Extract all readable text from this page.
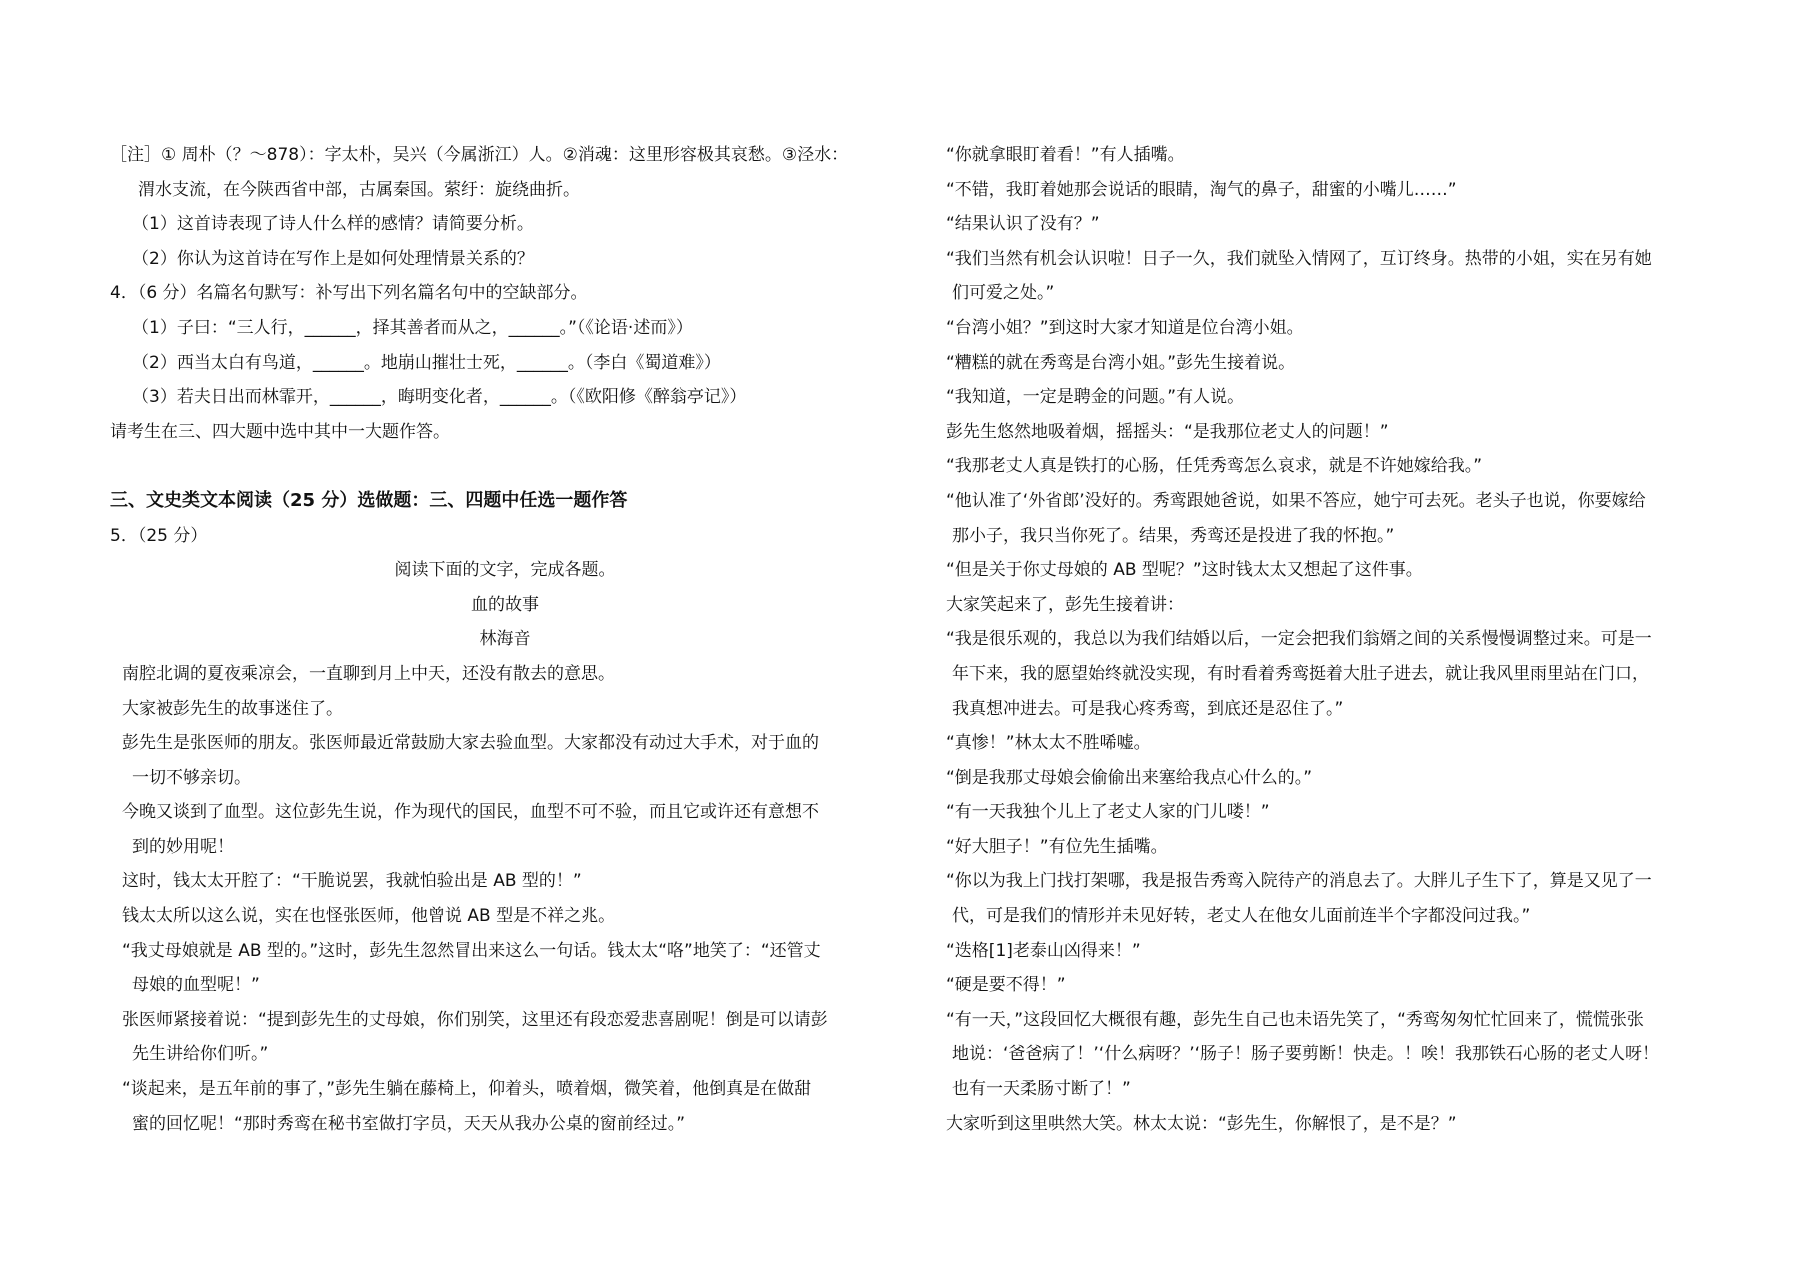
［注］① 周朴（？～878）：字太朴，吴兴（今属浙江）人。②消魂：这里形容极其哀愁。③泾水：
渭水支流，在今陕西省中部，古属秦国。萦纡：旋绕曲折。
（1）这首诗表现了诗人什么样的感情？请简要分析。
（2）你认为这首诗在写作上是如何处理情景关系的？
4．（6 分）名篇名句默写：补写出下列名篇名句中的空缺部分。
（1）子曰：“三人行，______，择其善者而从之，______。”（《论语·述而》）
（2）西当太白有鸟道，______。地崩山摧壮士死，______。（李白《蜀道难》）
（3）若夫日出而林霏开，______，晦明变化者，______。（《欧阳修《醉翁亭记》）
请考生在三、四大题中选中其中一大题作答。
三、文史类文本阅读（25 分）选做题：三、四题中任选一题作答
5．（25 分）
阅读下面的文字，完成各题。
血的故事
林海音
南腔北调的夏夜乘凉会，一直聊到月上中天，还没有散去的意思。
大家被彭先生的故事迷住了。
彭先生是张医师的朋友。张医师最近常鼓励大家去验血型。大家都没有动过大手术，对于血的
一切不够亲切。
今晚又谈到了血型。这位彭先生说，作为现代的国民，血型不可不验，而且它或许还有意想不
到的妙用呢！
这时，钱太太开腔了：“干脆说罢，我就怕验出是 AB 型的！”
钱太太所以这么说，实在也怪张医师，他曾说 AB 型是不祥之兆。
“我丈母娘就是 AB 型的。”这时，彭先生忽然冒出来这么一句话。钱太太“咯”地笑了：“还管丈
母娘的血型呢！”
张医师紧接着说：“提到彭先生的丈母娘，你们别笑，这里还有段恋爱悲喜剧呢！倒是可以请彭
先生讲给你们听。”
“谈起来，是五年前的事了，”彭先生躺在藤椅上，仰着头，喷着烟，微笑着，他倒真是在做甜
蜜的回忆呢！“那时秀鸾在秘书室做打字员，天天从我办公桌的窗前经过。”
“你就拿眼盯着看！”有人插嘴。
“不错，我盯着她那会说话的眼睛，淘气的鼻子，甜蜜的小嘴儿……”
“结果认识了没有？”
“我们当然有机会认识啦！日子一久，我们就坠入情网了，互订终身。热带的小姐，实在另有她
们可爱之处。”
“台湾小姐？”到这时大家才知道是位台湾小姐。
“糟糕的就在秀鸾是台湾小姐。”彭先生接着说。
“我知道，一定是聘金的问题。”有人说。
彭先生悠然地吸着烟，摇摇头：“是我那位老丈人的问题！”
“我那老丈人真是铁打的心肠，任凭秀鸾怎么哀求，就是不许她嫁给我。”
“他认准了‘外省郎’没好的。秀鸾跟她爸说，如果不答应，她宁可去死。老头子也说，你要嫁给
那小子，我只当你死了。结果，秀鸾还是投进了我的怀抱。”
“但是关于你丈母娘的 AB 型呢？”这时钱太太又想起了这件事。
大家笑起来了，彭先生接着讲：
“我是很乐观的，我总以为我们结婚以后，一定会把我们翁婿之间的关系慢慢调整过来。可是一
年下来，我的愿望始终就没实现，有时看着秀鸾挺着大肚子进去，就让我风里雨里站在门口，
我真想冲进去。可是我心疼秀鸾，到底还是忍住了。”
“真惨！”林太太不胜唏嘘。
“倒是我那丈母娘会偷偷出来塞给我点心什么的。”
“有一天我独个儿上了老丈人家的门儿喽！”
“好大胆子！”有位先生插嘴。
“你以为我上门找打架哪，我是报告秀鸾入院待产的消息去了。大胖儿子生下了，算是又见了一
代，可是我们的情形并未见好转，老丈人在他女儿面前连半个字都没问过我。”
“迭格[1]老泰山凶得来！”
“硬是要不得！”
“有一天，”这段回忆大概很有趣，彭先生自己也未语先笑了，“秀鸾匆匆忙忙回来了，慌慌张张
地说：‘爸爸病了！’‘什么病呀？’‘肠子！肠子要剪断！快走。！唉！我那铁石心肠的老丈人呀！
也有一天柔肠寸断了！”
大家听到这里哄然大笑。林太太说：“彭先生，你解恨了，是不是？”
